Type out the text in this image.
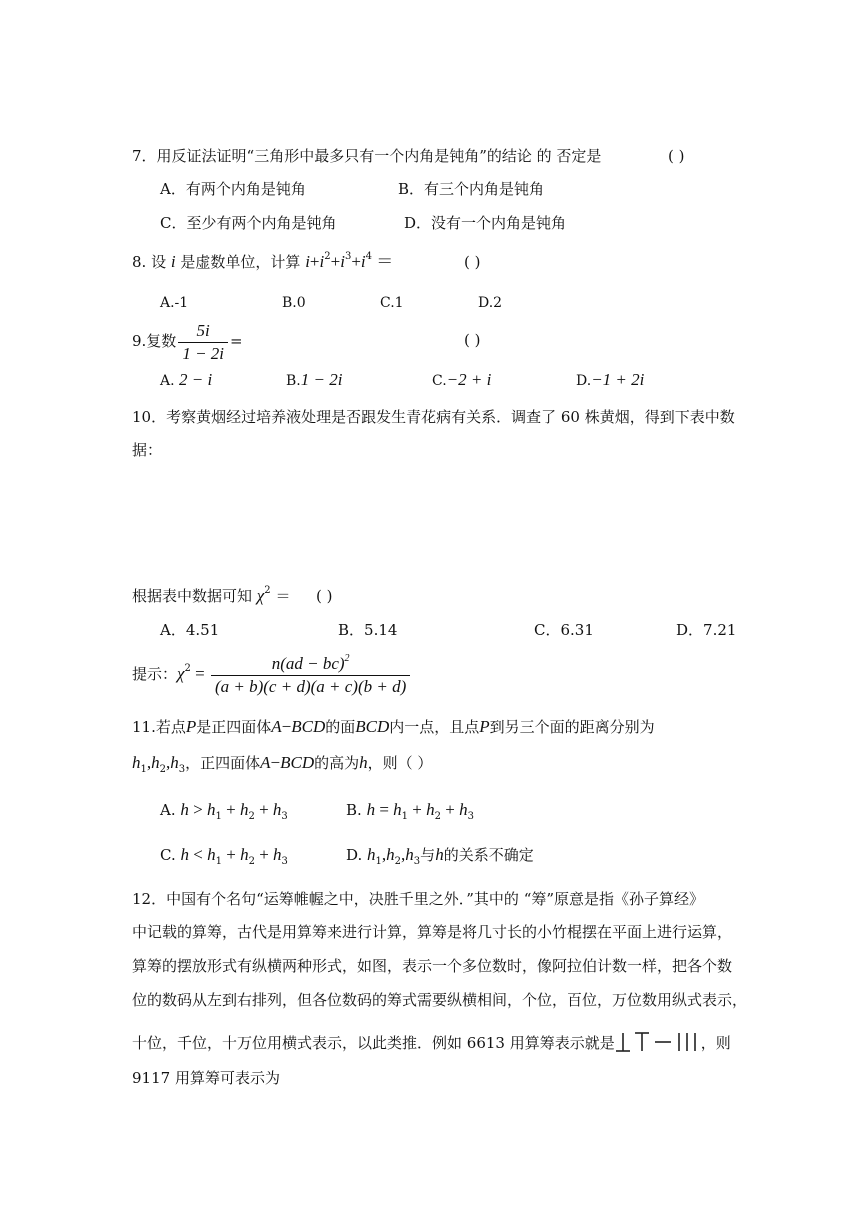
7．用反证法证明“三角形中最多只有一个内角是钝角”的结论 的 否定是	( )
A．有两个内角是钝角	B．有三个内角是钝角
C．至少有两个内角是钝角	D．没有一个内角是钝角
8. 设 i 是虚数单位，计算 $i+i^2+i^3+i^4$ ＝	( )
A.-1	B.0	C.1	D.2
9.复数 $\frac{5i}{1 - 2i}$ =	( )
A. 2 − i	B.1 − 2i	C.−2 + i	D.−1 + 2i
10．考察黄烟经过培养液处理是否跟发生青花病有关系．调查了 60 株黄烟，得到下表中数
据：
根据表中数据可知 $\chi^2$ ＝ ( )
A．4.51	B．5.14	C．6.31	D．7.21
提示：$\chi^2 = \frac{n(ad - bc)^2}{(a + b)(c + d)(a + c)(b + d)}$
11.若点P是正四面体A−BCD的面BCD内一点，且点P到另三个面的距离分别为
$h_1,h_2,h_3$，正四面体A−BCD的高为h，则（ ）
A. $h > h_1 + h_2 + h_3$	B. $h = h_1 + h_2 + h_3$
C. $h < h_1 + h_2 + h_3$	D. $h_1,h_2,h_3$与h的关系不确定
12．中国有个名句“运筹帷幄之中，决胜千里之外．”其中的 “筹”原意是指《孙子算经》
中记载的算筹，古代是用算筹来进行计算，算筹是将几寸长的小竹棍摆在平面上进行运算，
算筹的摆放形式有纵横两种形式，如图，表示一个多位数时，像阿拉伯计数一样，把各个数
位的数码从左到右排列，但各位数码的筹式需要纵横相间，个位，百位，万位数用纵式表示，
十位，千位，十万位用横式表示，以此类推．例如 6613 用算筹表示就是	，则
9117 用算筹可表示为
